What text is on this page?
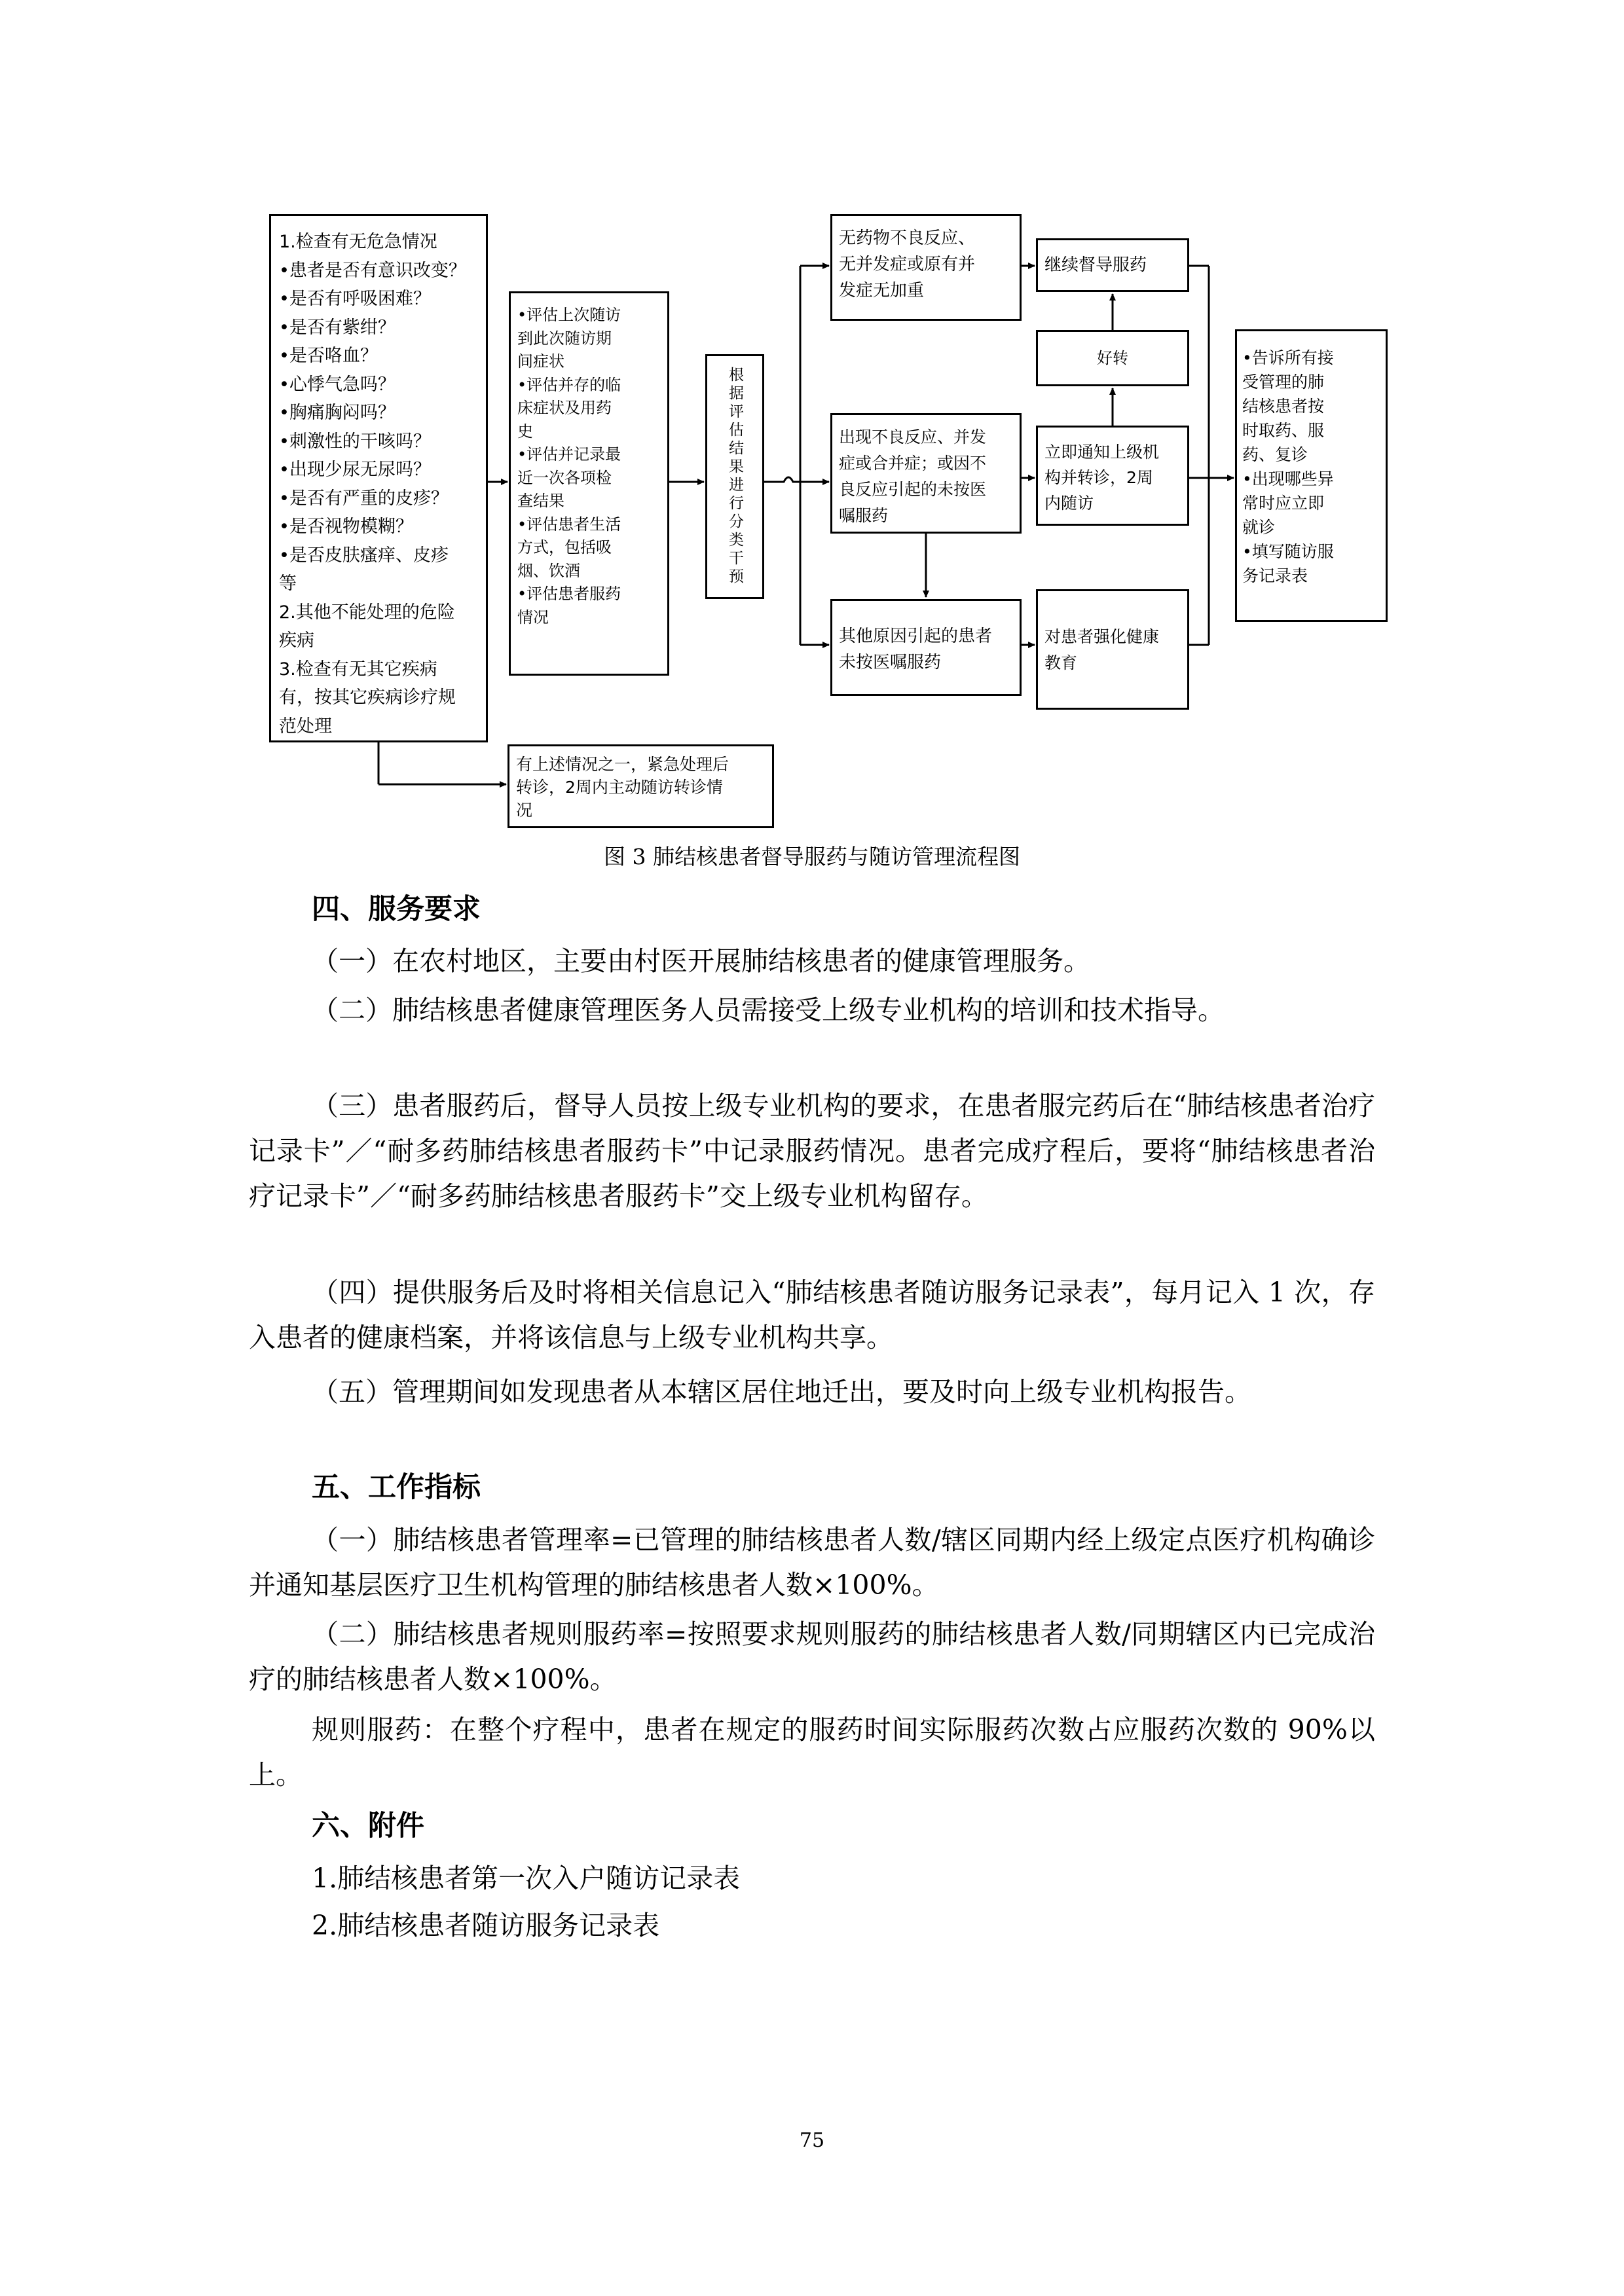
1.检查有无危急情况
•患者是否有意识改变？
•是否有呼吸困难？
•是否有紫绀？
•是否咯血？
•心悸气急吗？
•胸痛胸闷吗？
•刺激性的干咳吗？
•出现少尿无尿吗？
•是否有严重的皮疹？
•是否视物模糊？
•是否皮肤瘙痒、皮疹
等
2.其他不能处理的危险
疾病
3.检查有无其它疾病
有，按其它疾病诊疗规
范处理
•评估上次随访
到此次随访期
间症状
•评估并存的临
床症状及用药
史
•评估并记录最
近一次各项检
查结果
•评估患者生活
方式，包括吸
烟、饮酒
•评估患者服药
情况
根据评估结果进行分类干预
无药物不良反应、
无并发症或原有并
发症无加重
继续督导服药
好转
出现不良反应、并发
症或合并症；或因不
良反应引起的未按医
嘱服药
立即通知上级机
构并转诊，2周
内随访
其他原因引起的患者
未按医嘱服药
对患者强化健康
教育
•告诉所有接
受管理的肺
结核患者按
时取药、服
药、复诊
•出现哪些异
常时应立即
就诊
•填写随访服
务记录表
有上述情况之一，紧急处理后
转诊，2周内主动随访转诊情
况
图 3 肺结核患者督导服药与随访管理流程图
四、服务要求
（一）在农村地区，主要由村医开展肺结核患者的健康管理服务。
（二）肺结核患者健康管理医务人员需接受上级专业机构的培训和技术指导。
（三）患者服药后，督导人员按上级专业机构的要求，在患者服完药后在“肺结核患者治疗记录卡”／“耐多药肺结核患者服药卡”中记录服药情况。患者完成疗程后，要将“肺结核患者治疗记录卡”／“耐多药肺结核患者服药卡”交上级专业机构留存。
（四）提供服务后及时将相关信息记入“肺结核患者随访服务记录表”，每月记入 1 次，存入患者的健康档案，并将该信息与上级专业机构共享。
（五）管理期间如发现患者从本辖区居住地迁出，要及时向上级专业机构报告。
五、工作指标
（一）肺结核患者管理率=已管理的肺结核患者人数/辖区同期内经上级定点医疗机构确诊并通知基层医疗卫生机构管理的肺结核患者人数×100%。
（二）肺结核患者规则服药率=按照要求规则服药的肺结核患者人数/同期辖区内已完成治疗的肺结核患者人数×100%。
规则服药：在整个疗程中，患者在规定的服药时间实际服药次数占应服药次数的 90%以上。
六、附件
1.肺结核患者第一次入户随访记录表
2.肺结核患者随访服务记录表
75
